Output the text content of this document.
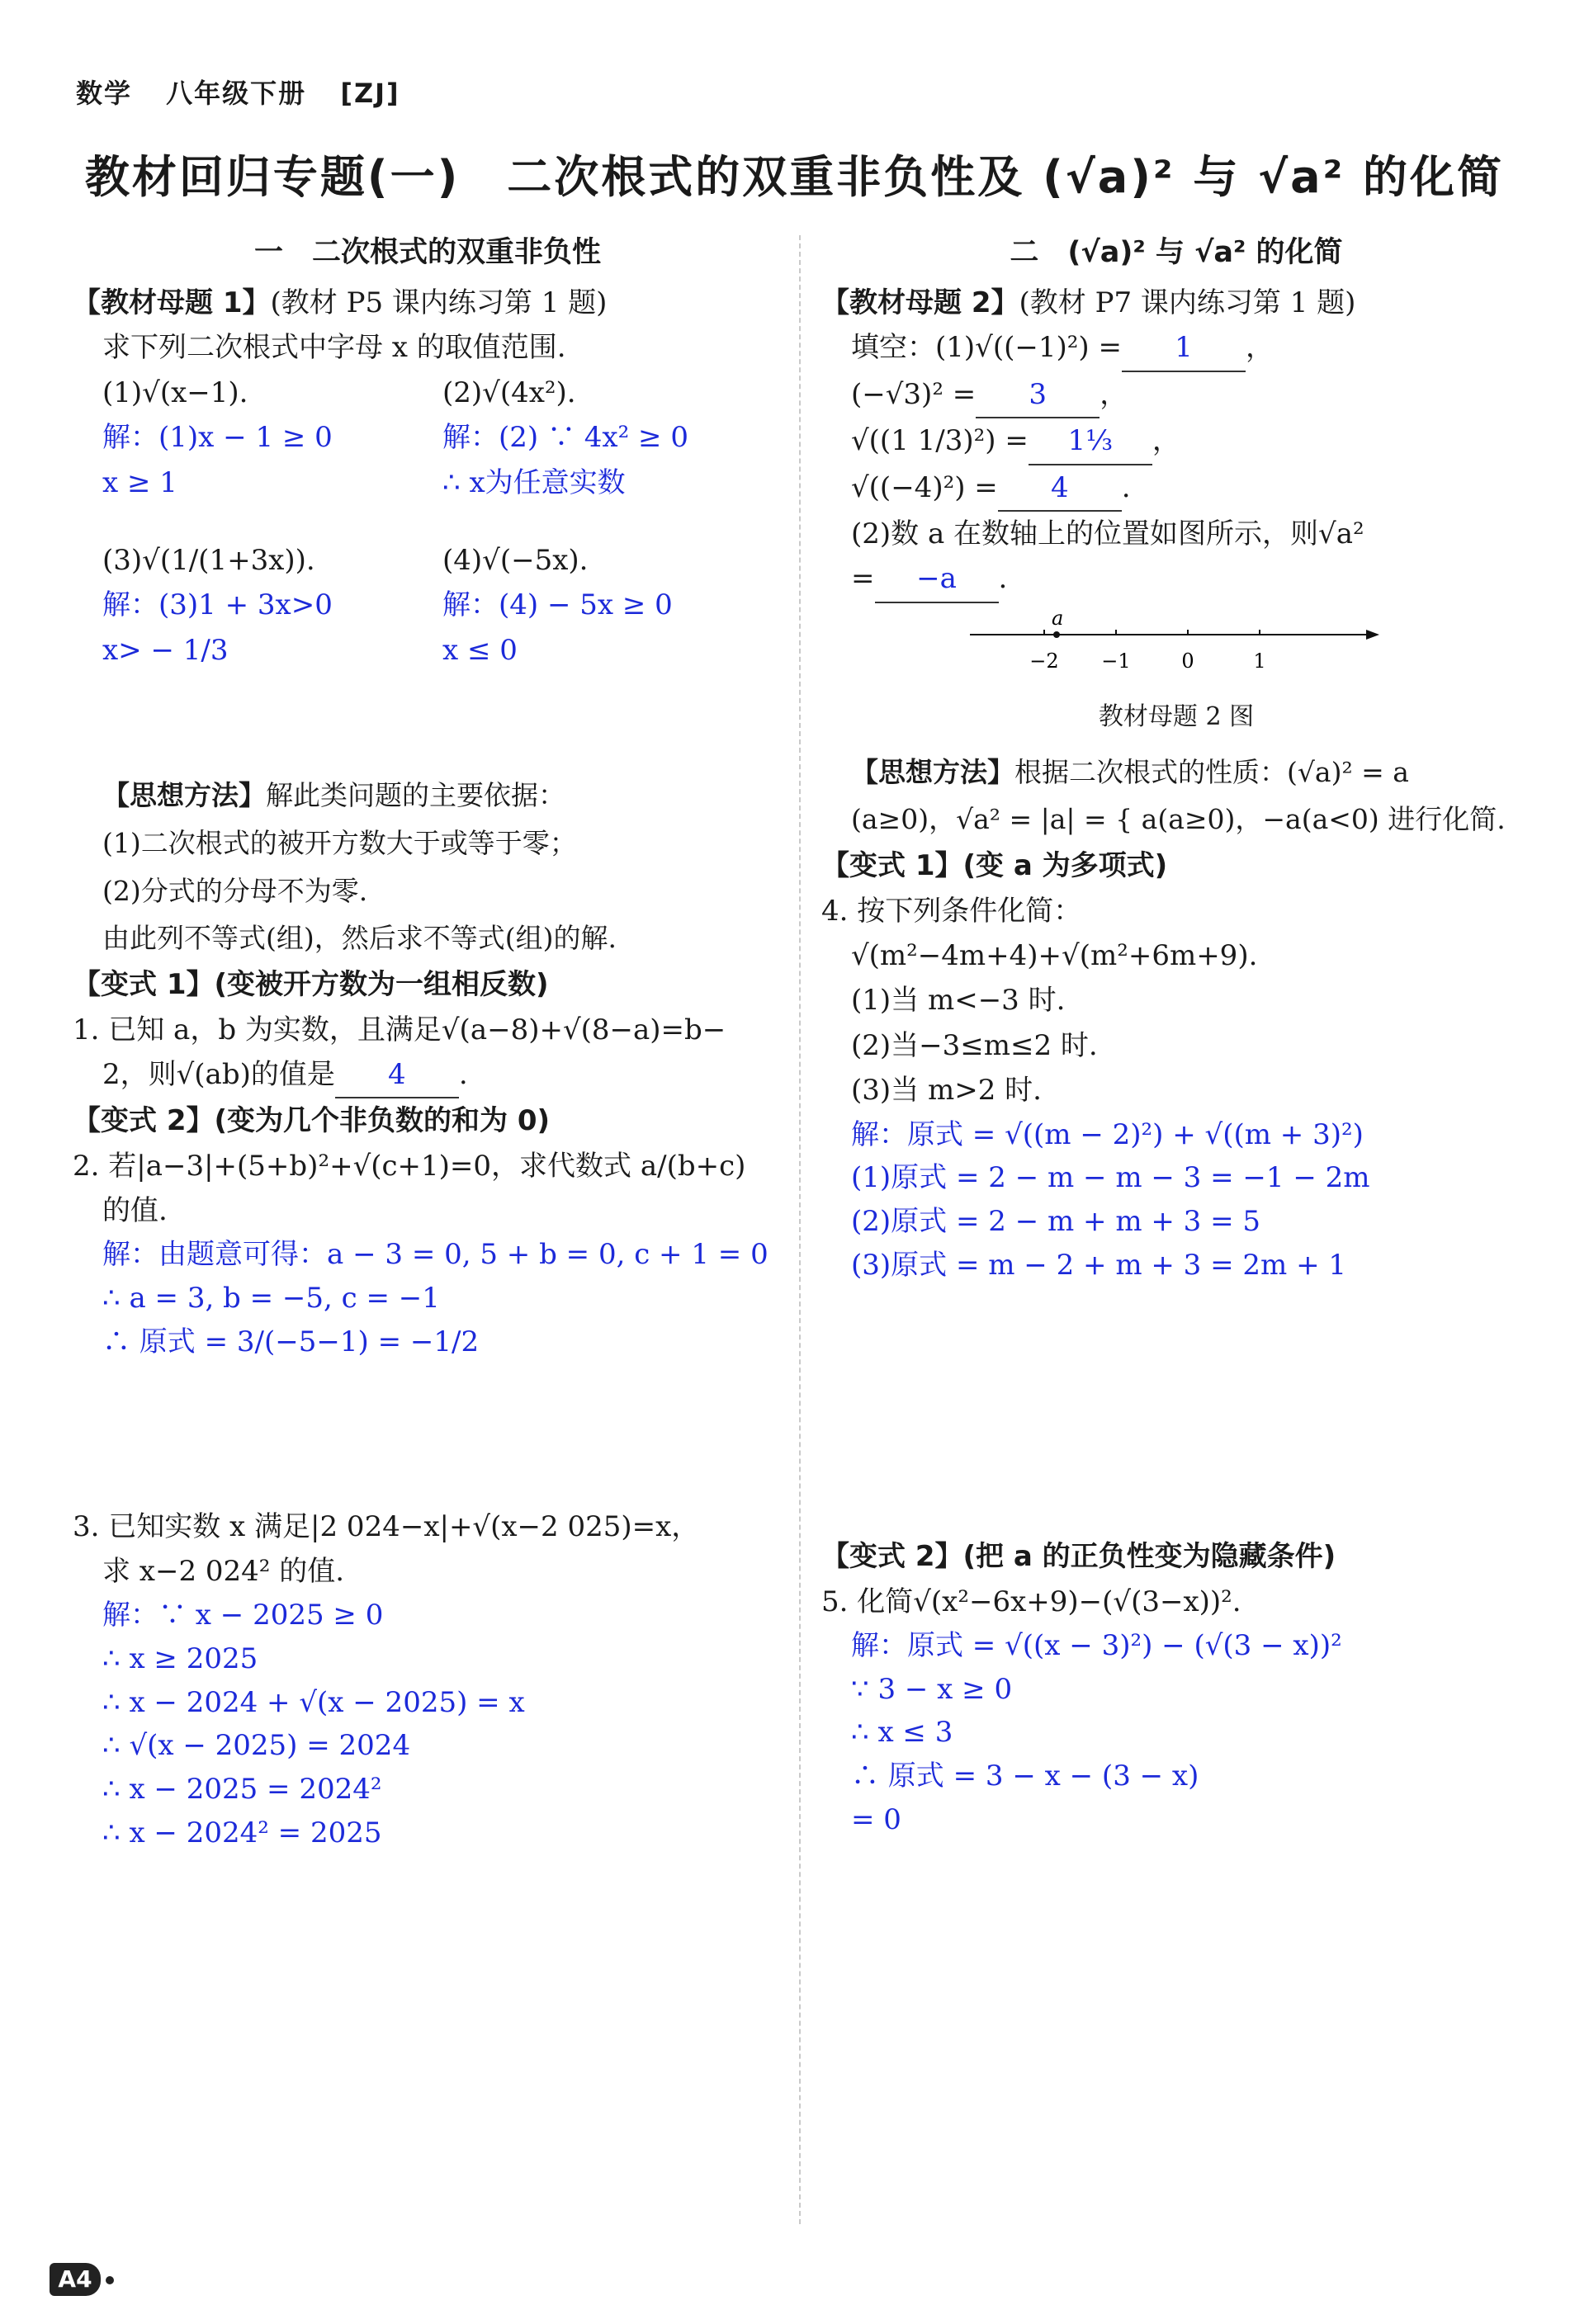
数学 八年级下册 [ZJ]
教材回归专题(一)　二次根式的双重非负性及 (√a)² 与 √a² 的化简
一　二次根式的双重非负性

【教材母题 1】(教材 P5 课内练习第 1 题)

求下列二次根式中字母 x 的取值范围.

(1)√(x−1).

解：(1)x − 1 ≥ 0

x ≥ 1

(2)√(4x²).

解：(2) ∵ 4x² ≥ 0

∴ x为任意实数

(3)√(1/(1+3x)).

解：(3)1 + 3x>0

x> − 1/3

(4)√(−5x).

解：(4) − 5x ≥ 0

x ≤ 0

【思想方法】解此类问题的主要依据：

(1)二次根式的被开方数大于或等于零；

(2)分式的分母不为零.

由此列不等式(组)，然后求不等式(组)的解.

【变式 1】(变被开方数为一组相反数)

1. 已知 a，b 为实数，且满足√(a−8)+√(8−a)=b−

2，则√(ab)的值是 4 .

【变式 2】(变为几个非负数的和为 0)

2. 若|a−3|+(5+b)²+√(c+1)=0，求代数式 a/(b+c)

的值.

解：由题意可得：a − 3 = 0, 5 + b = 0, c + 1 = 0

∴ a = 3, b = −5, c = −1

∴ 原式 = 3/(−5−1) = −1/2

3. 已知实数 x 满足|2 024−x|+√(x−2 025)=x，

求 x−2 024² 的值.

解：∵ x − 2025 ≥ 0

∴ x ≥ 2025

∴ x − 2024 + √(x − 2025) = x

∴ √(x − 2025) = 2024

∴ x − 2025 = 2024²

∴ x − 2024² = 2025

二　(√a)² 与 √a² 的化简

【教材母题 2】(教材 P7 课内练习第 1 题)

填空：(1)√((−1)²) = 1 ，

(−√3)² = 3 ，

√((1 1/3)²) = 1⅓ ，

√((−4)²) = 4 .

(2)数 a 在数轴上的位置如图所示，则√a²

= −a .

a
−2 −1	0	1
教材母题 2 图

【思想方法】根据二次根式的性质：(√a)² = a

(a≥0)，√a² = |a| = { a(a≥0)，−a(a<0) 进行化简.

【变式 1】(变 a 为多项式)

4. 按下列条件化简：

√(m²−4m+4)+√(m²+6m+9).

(1)当 m<−3 时.

(2)当−3≤m≤2 时.

(3)当 m>2 时.

解：原式 = √((m − 2)²) + √((m + 3)²)

(1)原式 = 2 − m − m − 3 = −1 − 2m

(2)原式 = 2 − m + m + 3 = 5

(3)原式 = m − 2 + m + 3 = 2m + 1

【变式 2】(把 a 的正负性变为隐藏条件)

5. 化简√(x²−6x+9)−(√(3−x))².

解：原式 = √((x − 3)²) − (√(3 − x))²

∵ 3 − x ≥ 0

∴ x ≤ 3

∴ 原式 = 3 − x − (3 − x)

= 0

A4
